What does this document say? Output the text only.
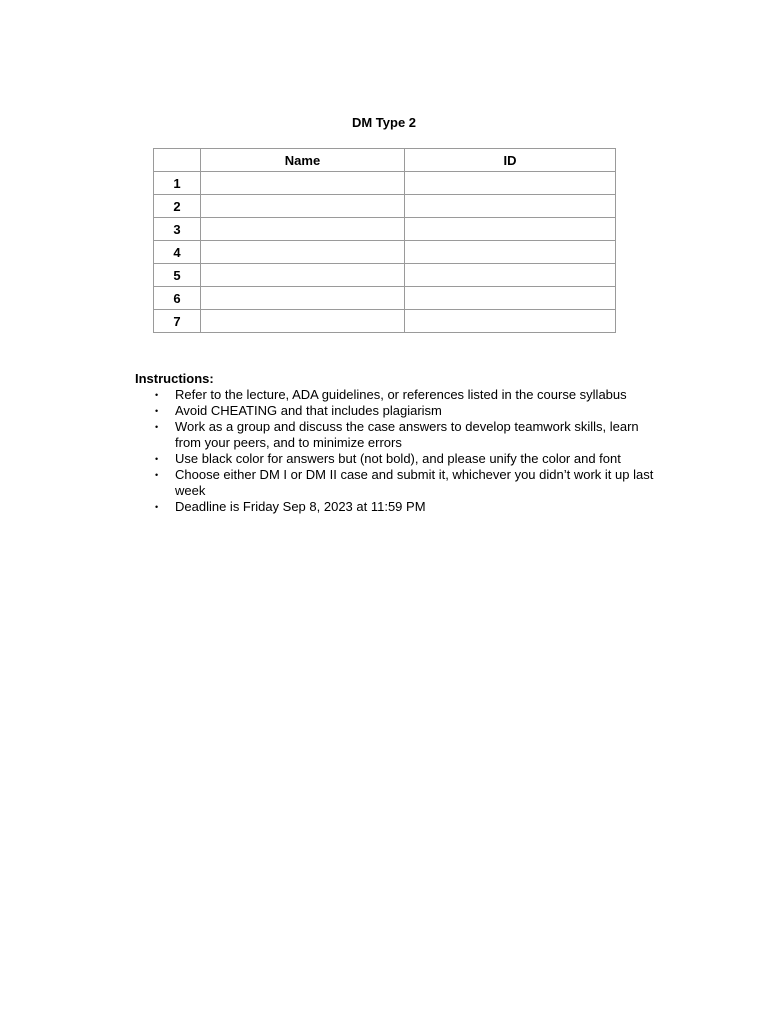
DM Type 2
	Name	ID
1		
2		
3		
4		
5		
6		
7		
Instructions:
• Refer to the lecture, ADA guidelines, or references listed in the course syllabus
• Avoid CHEATING and that includes plagiarism
• Work as a group and discuss the case answers to develop teamwork skills, learn from your peers, and to minimize errors
• Use black color for answers but (not bold), and please unify the color and font
• Choose either DM I or DM II case and submit it, whichever you didn’t work it up last week
• Deadline is Friday Sep 8, 2023 at 11:59 PM
